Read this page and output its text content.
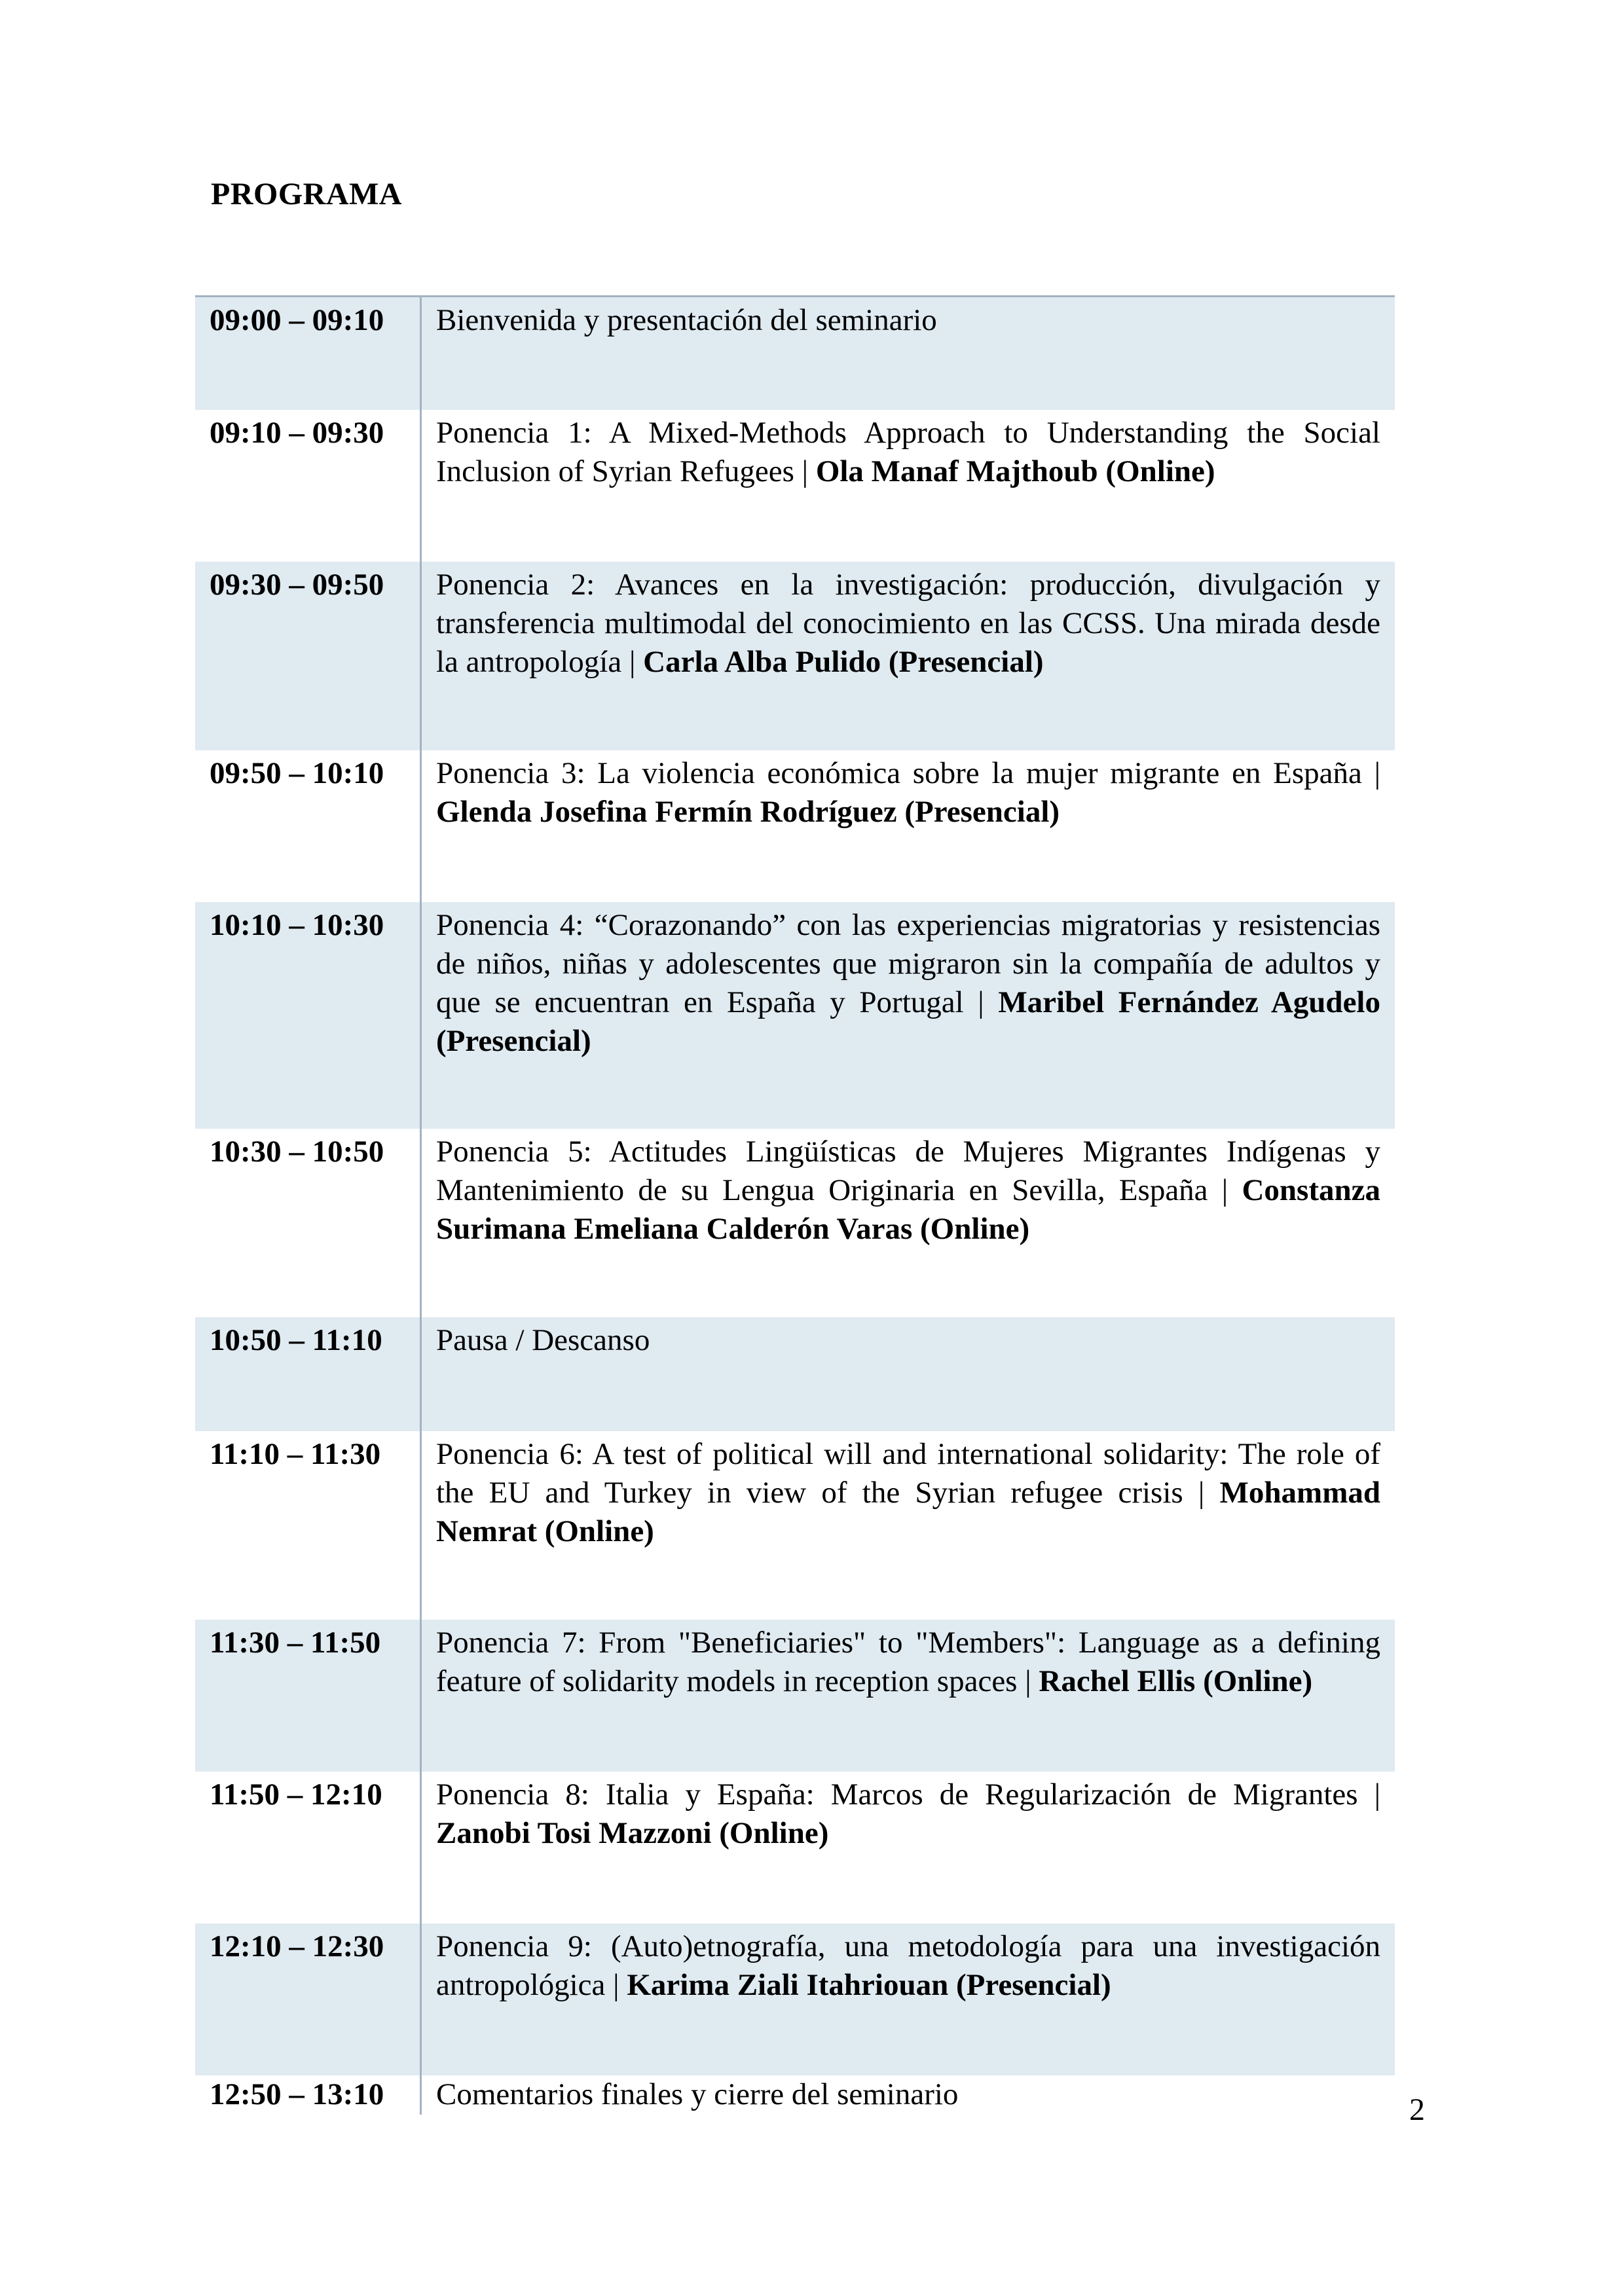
PROGRAMA
09:00 – 09:10	Bienvenida y presentación del seminario
09:10 – 09:30	Ponencia 1: A Mixed-Methods Approach to Understanding the Social Inclusion of Syrian Refugees | Ola Manaf Majthoub (Online)
09:30 – 09:50	Ponencia 2: Avances en la investigación: producción, divulgación y transferencia multimodal del conocimiento en las CCSS. Una mirada desde la antropología | Carla Alba Pulido (Presencial)
09:50 – 10:10	Ponencia 3: La violencia económica sobre la mujer migrante en España | Glenda Josefina Fermín Rodríguez (Presencial)
10:10 – 10:30	Ponencia 4: “Corazonando” con las experiencias migratorias y resistencias de niños, niñas y adolescentes que migraron sin la compañía de adultos y que se encuentran en España y Portugal | Maribel Fernández Agudelo (Presencial)
10:30 – 10:50	Ponencia 5: Actitudes Lingüísticas de Mujeres Migrantes Indígenas y Mantenimiento de su Lengua Originaria en Sevilla, España | Constanza Surimana Emeliana Calderón Varas (Online)
10:50 – 11:10	Pausa / Descanso
11:10 – 11:30	Ponencia 6: A test of political will and international solidarity: The role of the EU and Turkey in view of the Syrian refugee crisis | Mohammad Nemrat (Online)
11:30 – 11:50	Ponencia 7: From "Beneficiaries" to "Members": Language as a defining feature of solidarity models in reception spaces | Rachel Ellis (Online)
11:50 – 12:10	Ponencia 8: Italia y España: Marcos de Regularización de Migrantes | Zanobi Tosi Mazzoni (Online)
12:10 – 12:30	Ponencia 9: (Auto)etnografía, una metodología para una investigación antropológica | Karima Ziali Itahriouan (Presencial)
12:50 – 13:10	Comentarios finales y cierre del seminario	2
